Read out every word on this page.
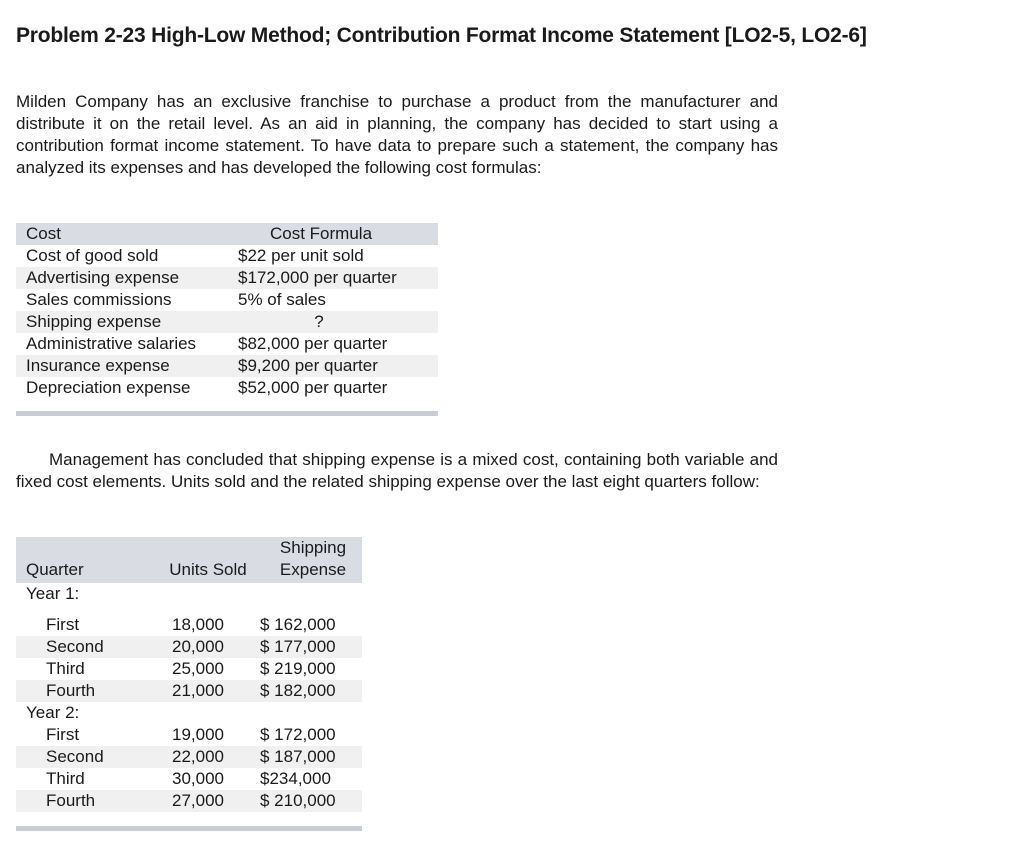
Problem 2-23 High-Low Method; Contribution Format Income Statement [LO2-5, LO2-6]

Milden Company has an exclusive franchise to purchase a product from the manufacturer and distribute it on the retail level. As an aid in planning, the company has decided to start using a contribution format income statement. To have data to prepare such a statement, the company has analyzed its expenses and has developed the following cost formulas:

Cost	Cost Formula
Cost of good sold	$22 per unit sold
Advertising expense	$172,000 per quarter
Sales commissions	5% of sales
Shipping expense	?
Administrative salaries	$82,000 per quarter
Insurance expense	$9,200 per quarter
Depreciation expense	$52,000 per quarter

Management has concluded that shipping expense is a mixed cost, containing both variable and fixed cost elements. Units sold and the related shipping expense over the last eight quarters follow:

Quarter	Units Sold
Shipping
Expense
Year 1:
First	18,000	$ 162,000
Second	20,000	$ 177,000
Third	25,000	$ 219,000
Fourth	21,000	$ 182,000
Year 2:
First	19,000	$ 172,000
Second	22,000	$ 187,000
Third	30,000	$234,000
Fourth	27,000	$ 210,000
